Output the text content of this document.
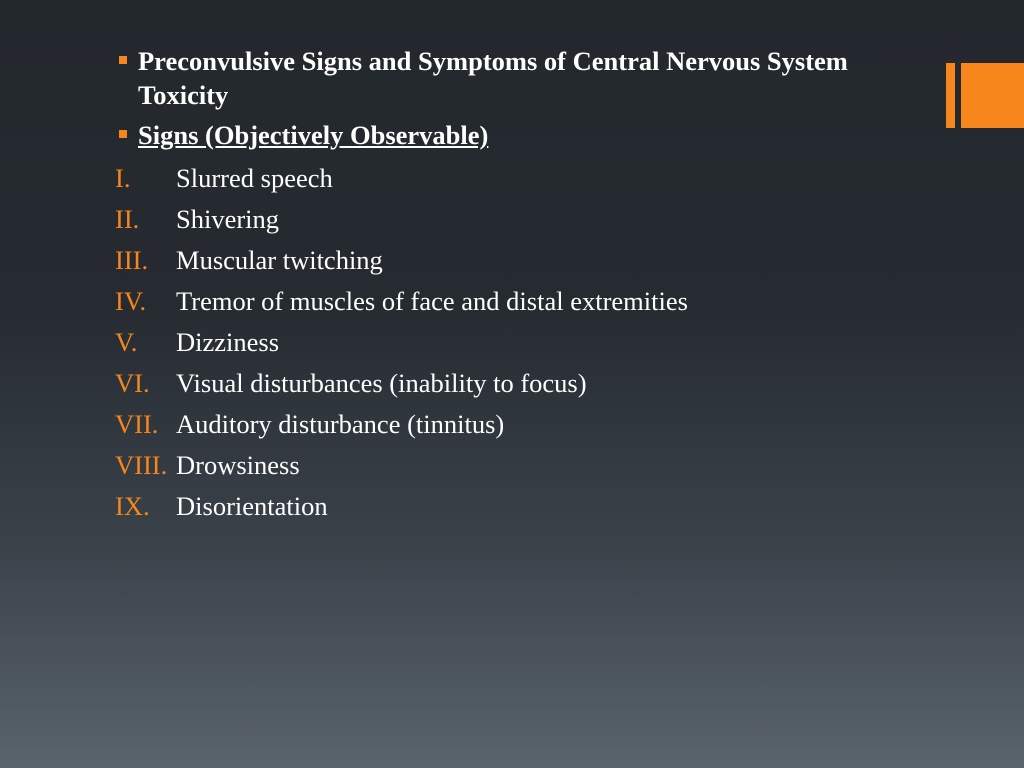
Preconvulsive Signs and Symptoms of Central Nervous System Toxicity
Signs (Objectively Observable)
I.	Slurred speech
II.	Shivering
III.	Muscular twitching
IV.	Tremor of muscles of face and distal extremities
V.	Dizziness
VI. Visual disturbances (inability to focus)
VII. Auditory disturbance (tinnitus)
VIII. Drowsiness
IX. Disorientation
